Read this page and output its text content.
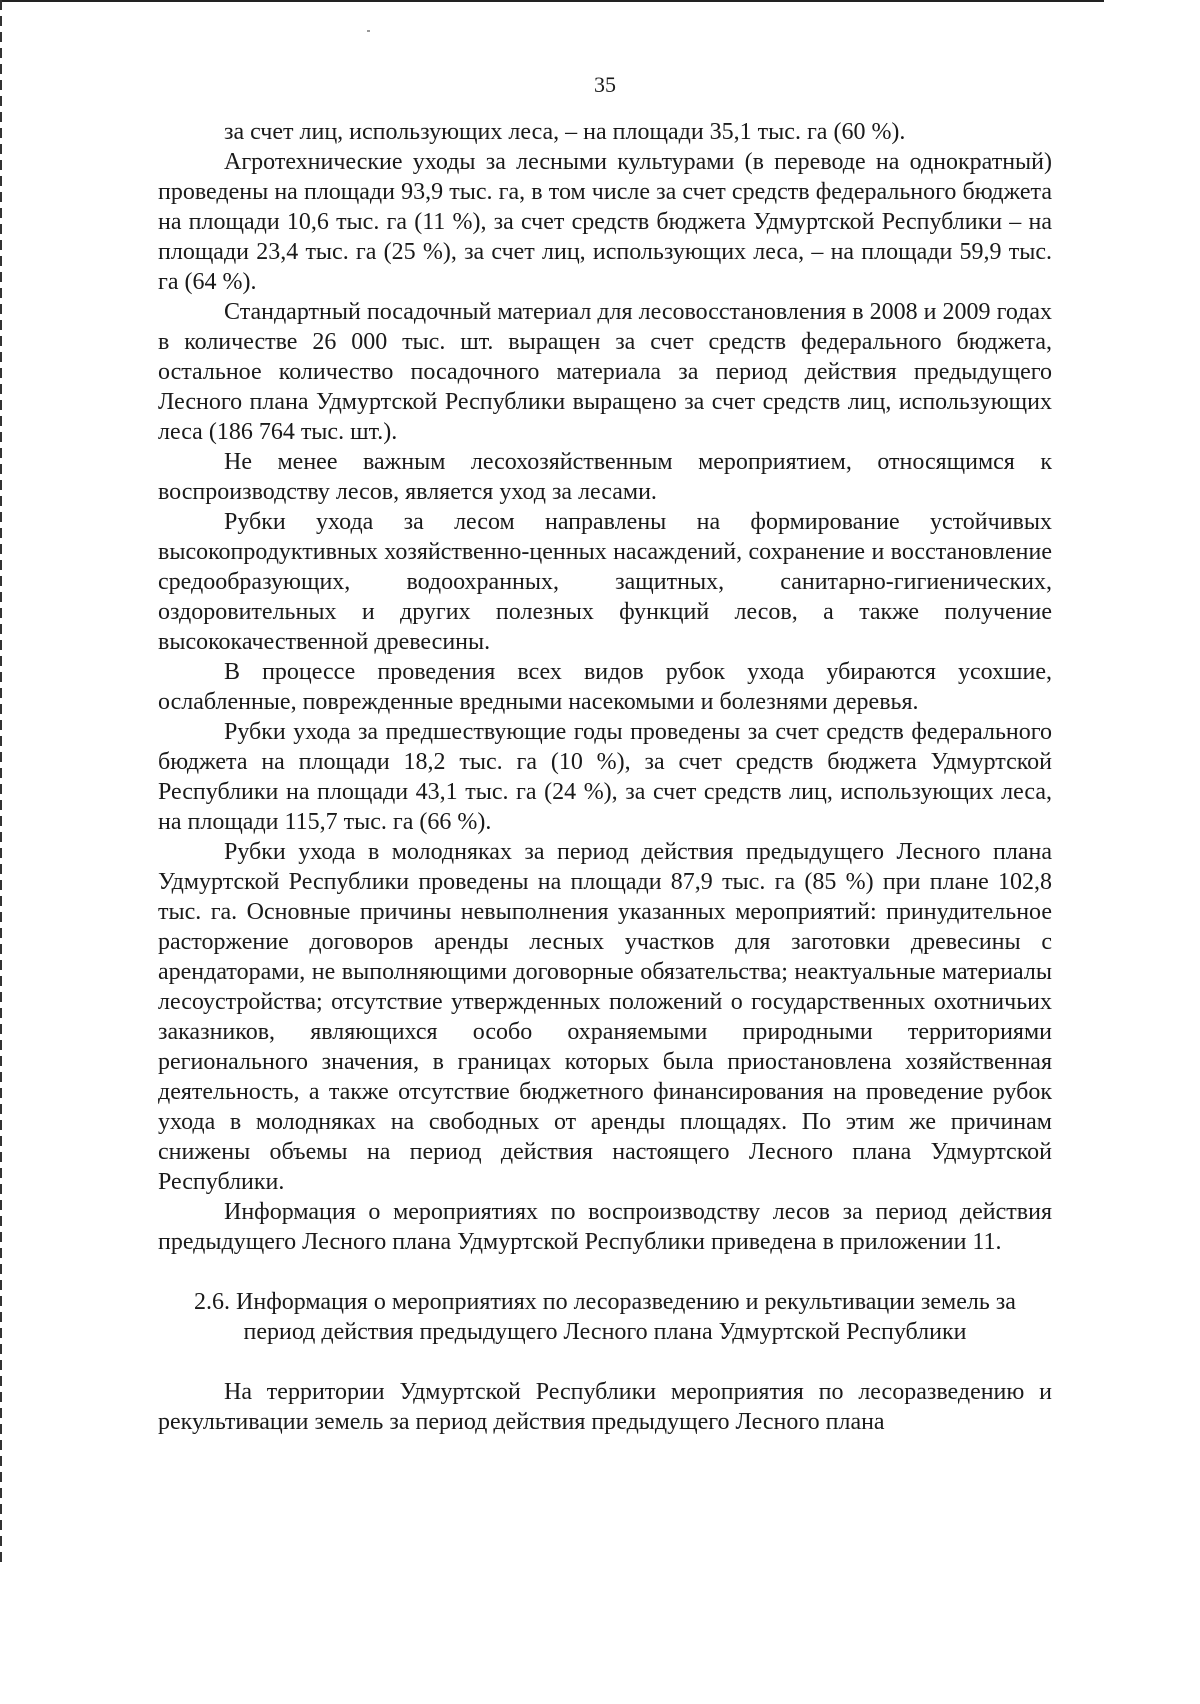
35

за счет лиц, использующих леса, – на площади 35,1 тыс. га (60 %).

Агротехнические уходы за лесными культурами (в переводе на однократный) проведены на площади 93,9 тыс. га, в том числе за счет средств федерального бюджета на площади 10,6 тыс. га (11 %), за счет средств бюджета Удмуртской Республики – на площади 23,4 тыс. га (25 %), за счет лиц, использующих леса, – на площади 59,9 тыс. га (64 %).

Стандартный посадочный материал для лесовосстановления в 2008 и 2009 годах в количестве 26 000 тыс. шт. выращен за счет средств федерального бюджета, остальное количество посадочного материала за период действия предыдущего Лесного плана Удмуртской Республики выращено за счет средств лиц, использующих леса (186 764 тыс. шт.).

Не менее важным лесохозяйственным мероприятием, относящимся к воспроизводству лесов, является уход за лесами.

Рубки ухода за лесом направлены на формирование устойчивых высокопродуктивных хозяйственно-ценных насаждений, сохранение и восстановление средообразующих, водоохранных, защитных, санитарно-гигиенических, оздоровительных и других полезных функций лесов, а также получение высококачественной древесины.

В процессе проведения всех видов рубок ухода убираются усохшие, ослабленные, поврежденные вредными насекомыми и болезнями деревья.

Рубки ухода за предшествующие годы проведены за счет средств федерального бюджета на площади 18,2 тыс. га (10 %), за счет средств бюджета Удмуртской Республики на площади 43,1 тыс. га (24 %), за счет средств лиц, использующих леса, на площади 115,7 тыс. га (66 %).

Рубки ухода в молодняках за период действия предыдущего Лесного плана Удмуртской Республики проведены на площади 87,9 тыс. га (85 %) при плане 102,8 тыс. га. Основные причины невыполнения указанных мероприятий: принудительное расторжение договоров аренды лесных участков для заготовки древесины с арендаторами, не выполняющими договорные обязательства; неактуальные материалы лесоустройства; отсутствие утвержденных положений о государственных охотничьих заказников, являющихся особо охраняемыми природными территориями регионального значения, в границах которых была приостановлена хозяйственная деятельность, а также отсутствие бюджетного финансирования на проведение рубок ухода в молодняках на свободных от аренды площадях. По этим же причинам снижены объемы на период действия настоящего Лесного плана Удмуртской Республики.

Информация о мероприятиях по воспроизводству лесов за период действия предыдущего Лесного плана Удмуртской Республики приведена в приложении 11.

2.6. Информация о мероприятиях по лесоразведению и рекультивации земель за
период действия предыдущего Лесного плана Удмуртской Республики

На территории Удмуртской Республики мероприятия по лесоразведению и рекультивации земель за период действия предыдущего Лесного плана
